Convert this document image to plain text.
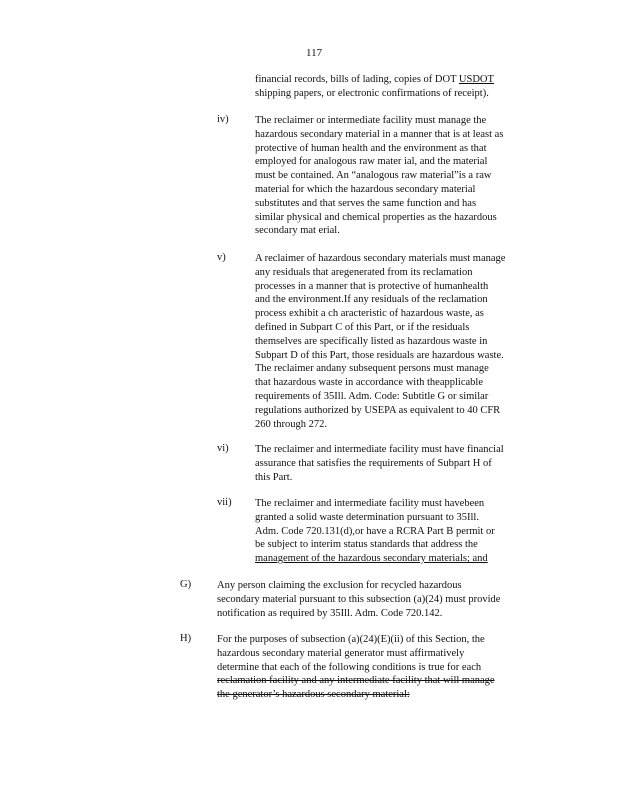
117
financial records, bills of lading, copies of DOT USDOT
shipping papers, or electronic confirmations of receipt).
iv)	The reclaimer or intermediate facility must manage the
hazardous secondary material in a manner that is at least as
protective of human health and the environment as that
employed for analogous raw mater ial, and the material
must be contained. An “analogous raw material”is a raw
material for which the hazardous secondary material
substitutes and that serves the same function and has
similar physical and chemical properties as the hazardous
secondary mat erial.
v)	A reclaimer of hazardous secondary materials must manage
any residuals that aregenerated from its reclamation
processes in a manner that is protective of humanhealth
and the environment.If any residuals of the reclamation
process exhibit a ch aracteristic of hazardous waste, as
defined in Subpart C of this Part, or if the residuals
themselves are specifically listed as hazardous waste in
Subpart D of this Part, those residuals are hazardous waste.
The reclaimer andany subsequent persons must manage
that hazardous waste in accordance with theapplicable
requirements of 35Ill. Adm. Code: Subtitle G or similar
regulations authorized by USEPA as equivalent to 40 CFR
260 through 272.
vi)	The reclaimer and intermediate facility must have financial
assurance that satisfies the requirements of Subpart H of
this Part.
vii) The reclaimer and intermediate facility must havebeen
granted a solid waste determination pursuant to 35Ill.
Adm. Code 720.131(d),or have a RCRA Part B permit or
be subject to interim status standards that address the
management of the hazardous secondary materials; and
G) Any person claiming the exclusion for recycled hazardous
secondary material pursuant to this subsection (a)(24) must provide
notification as required by 35Ill. Adm. Code 720.142.
H) For the purposes of subsection (a)(24)(E)(ii) of this Section, the
hazardous secondary material generator must affirmatively
determine that each of the following conditions is true for each
reclamation facility and any intermediate facility that will manage
the generator’s hazardous secondary material:
